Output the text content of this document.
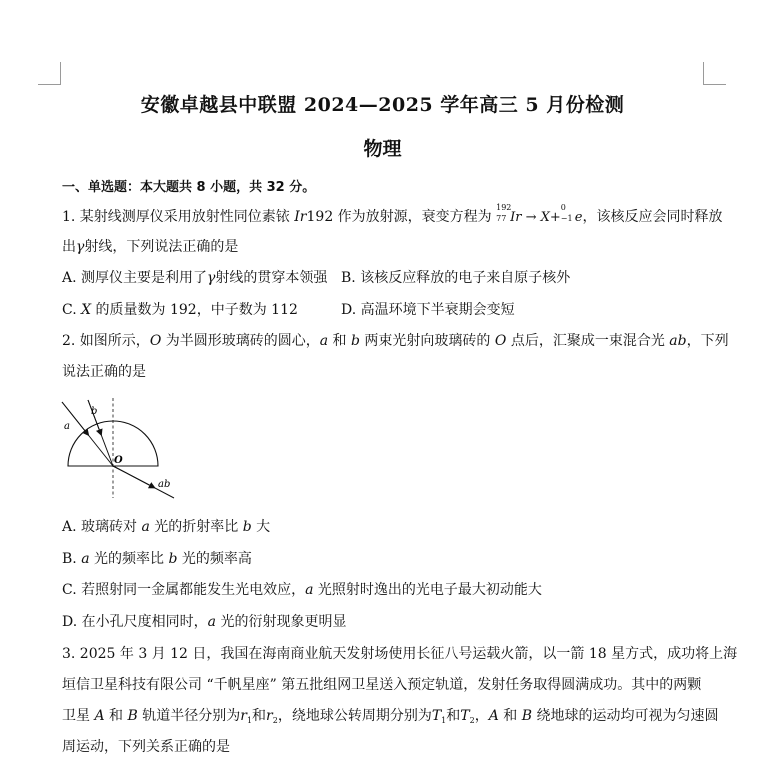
安徽卓越县中联盟 2024—2025 学年高三 5 月份检测
物理
一、单选题：本大题共 8 小题，共 32 分。
1. 某射线测厚仪采用放射性同位素铱 Ir192 作为放射源，衰变方程为
192
77 Ir → X+
0
−1 e，该核反应会同时释放
出γ射线，下列说法正确的是
A. 测厚仪主要是利用了γ射线的贯穿本领强 B. 该核反应释放的电子来自原子核外
C. X 的质量数为 192，中子数为 112	D. 高温环境下半衰期会变短
2. 如图所示，O 为半圆形玻璃砖的圆心，a 和 b 两束光射向玻璃砖的 O 点后，汇聚成一束混合光 ab，下列
说法正确的是
a
b
O
ab
A. 玻璃砖对 a 光的折射率比 b 大
B. a 光的频率比 b 光的频率高
C. 若照射同一金属都能发生光电效应，a 光照射时逸出的光电子最大初动能大
D. 在小孔尺度相同时，a 光的衍射现象更明显
3. 2025 年 3 月 12 日，我国在海南商业航天发射场使用长征八号运载火箭，以一箭 18 星方式，成功将上海
垣信卫星科技有限公司 “千帆星座” 第五批组网卫星送入预定轨道，发射任务取得圆满成功。其中的两颗
卫星 A 和 B 轨道半径分别为$r_1$和$r_2$，绕地球公转周期分别为$T_1$和$T_2$，A 和 B 绕地球的运动均可视为匀速圆
周运动，下列关系正确的是
